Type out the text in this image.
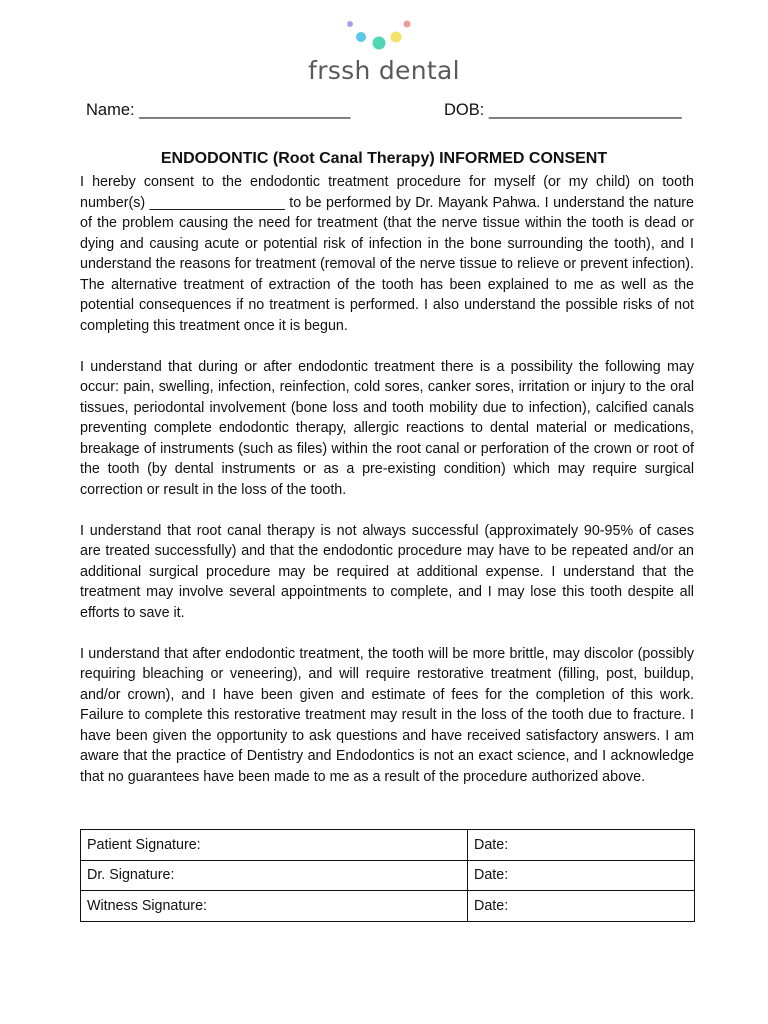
frssh dental
Name: _______________________	DOB: _____________________
ENDODONTIC (Root Canal Therapy) INFORMED CONSENT

I hereby consent to the endodontic treatment procedure for myself (or my child) on tooth number(s) _________________ to be performed by Dr. Mayank Pahwa. I understand the nature of the problem causing the need for treatment (that the nerve tissue within the tooth is dead or dying and causing acute or potential risk of infection in the bone surrounding the tooth), and I understand the reasons for treatment (removal of the nerve tissue to relieve or prevent infection). The alternative treatment of extraction of the tooth has been explained to me as well as the potential consequences if no treatment is performed. I also understand the possible risks of not completing this treatment once it is begun.

I understand that during or after endodontic treatment there is a possibility the following may occur: pain, swelling, infection, reinfection, cold sores, canker sores, irritation or injury to the oral tissues, periodontal involvement (bone loss and tooth mobility due to infection), calcified canals preventing complete endodontic therapy, allergic reactions to dental material or medications, breakage of instruments (such as files) within the root canal or perforation of the crown or root of the tooth (by dental instruments or as a pre-existing condition) which may require surgical correction or result in the loss of the tooth.

I understand that root canal therapy is not always successful (approximately 90-95% of cases are treated successfully) and that the endodontic procedure may have to be repeated and/or an additional surgical procedure may be required at additional expense. I understand that the treatment may involve several appointments to complete, and I may lose this tooth despite all efforts to save it.

I understand that after endodontic treatment, the tooth will be more brittle, may discolor (possibly requiring bleaching or veneering), and will require restorative treatment (filling, post, buildup, and/or crown), and I have been given and estimate of fees for the completion of this work. Failure to complete this restorative treatment may result in the loss of the tooth due to fracture. I have been given the opportunity to ask questions and have received satisfactory answers. I am aware that the practice of Dentistry and Endodontics is not an exact science, and I acknowledge that no guarantees have been made to me as a result of the procedure authorized above.

Patient Signature:	Date:
Dr. Signature:	Date:
Witness Signature:	Date:
